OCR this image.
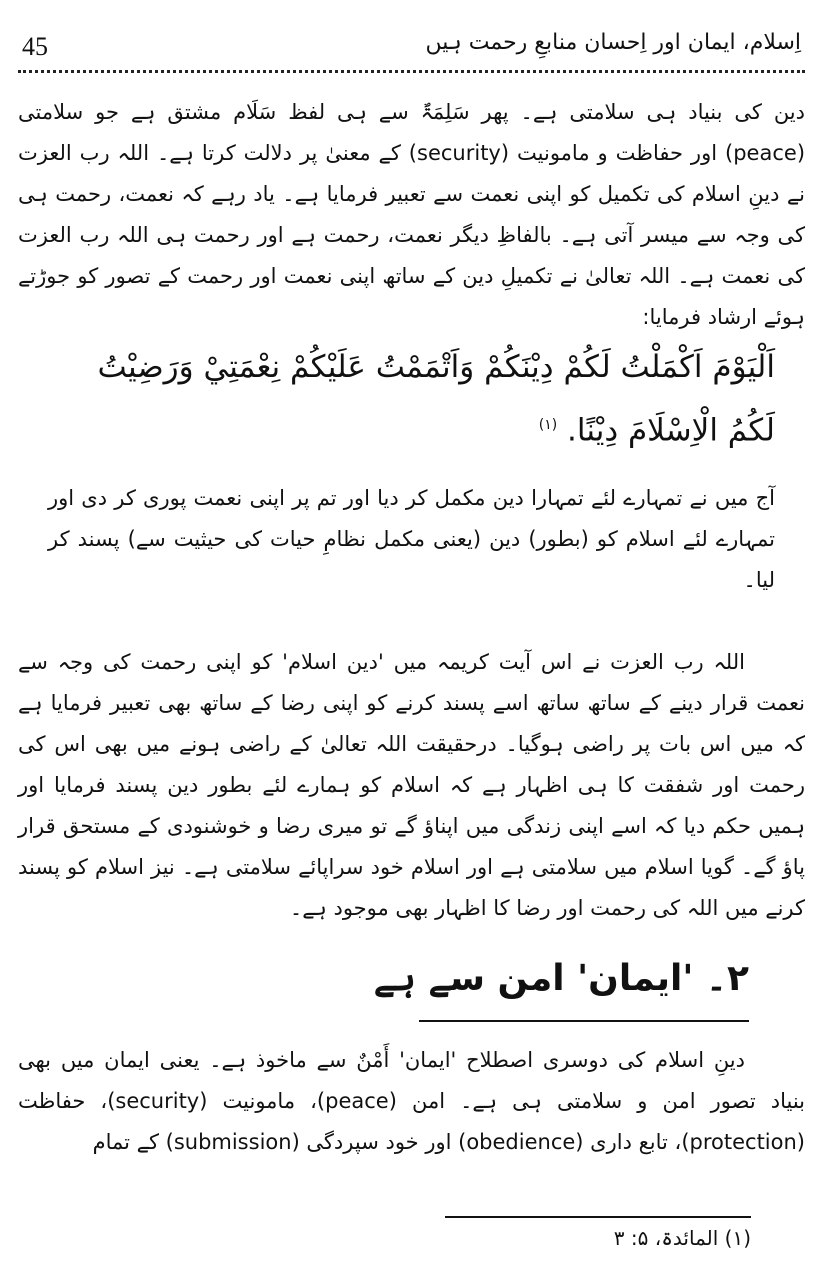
45	اِسلام، ایمان اور اِحسان منابعِ رحمت ہیں

دین کی بنیاد ہی سلامتی ہے۔ پھر سَلِمَۃٌ سے ہی لفظ سَلَام مشتق ہے جو سلامتی (peace) اور حفاظت و مامونیت (security) کے معنیٰ پر دلالت کرتا ہے۔ اللہ رب العزت نے دینِ اسلام کی تکمیل کو اپنی نعمت سے تعبیر فرمایا ہے۔ یاد رہے کہ نعمت، رحمت ہی کی وجہ سے میسر آتی ہے۔ بالفاظِ دیگر نعمت، رحمت ہے اور رحمت ہی اللہ رب العزت کی نعمت ہے۔ اللہ تعالیٰ نے تکمیلِ دین کے ساتھ اپنی نعمت اور رحمت کے تصور کو جوڑتے ہوئے ارشاد فرمایا:

اَلْيَوْمَ اَكْمَلْتُ لَكُمْ دِيْنَكُمْ وَاَتْمَمْتُ عَلَيْكُمْ نِعْمَتِيْ وَرَضِيْتُ لَكُمُ الْاِسْلَامَ دِيْنًا. $^{(۱)}$

آج میں نے تمہارے لئے تمہارا دین مکمل کر دیا اور تم پر اپنی نعمت پوری کر دی اور تمہارے لئے اسلام کو (بطور) دین (یعنی مکمل نظامِ حیات کی حیثیت سے) پسند کر لیا۔

اللہ رب العزت نے اس آیت کریمہ میں 'دین اسلام' کو اپنی رحمت کی وجہ سے نعمت قرار دینے کے ساتھ ساتھ اسے پسند کرنے کو اپنی رضا کے ساتھ بھی تعبیر فرمایا ہے کہ میں اس بات پر راضی ہوگیا۔ درحقیقت اللہ تعالیٰ کے راضی ہونے میں بھی اس کی رحمت اور شفقت کا ہی اظہار ہے کہ اسلام کو ہمارے لئے بطور دین پسند فرمایا اور ہمیں حکم دیا کہ اسے اپنی زندگی میں اپناؤ گے تو میری رضا و خوشنودی کے مستحق قرار پاؤ گے۔ گویا اسلام میں سلامتی ہے اور اسلام خود سراپائے سلامتی ہے۔ نیز اسلام کو پسند کرنے میں اللہ کی رحمت اور رضا کا اظہار بھی موجود ہے۔

۲۔ 'ایمان' امن سے ہے

دینِ اسلام کی دوسری اصطلاح 'ایمان' أَمْنٌ سے ماخوذ ہے۔ یعنی ایمان میں بھی بنیاد تصور امن و سلامتی ہی ہے۔ امن (peace)، مامونیت (security)، حفاظت (protection)، تابع داری (obedience) اور خود سپردگی (submission) کے تمام

(۱) المائدۃ، ۵: ۳
